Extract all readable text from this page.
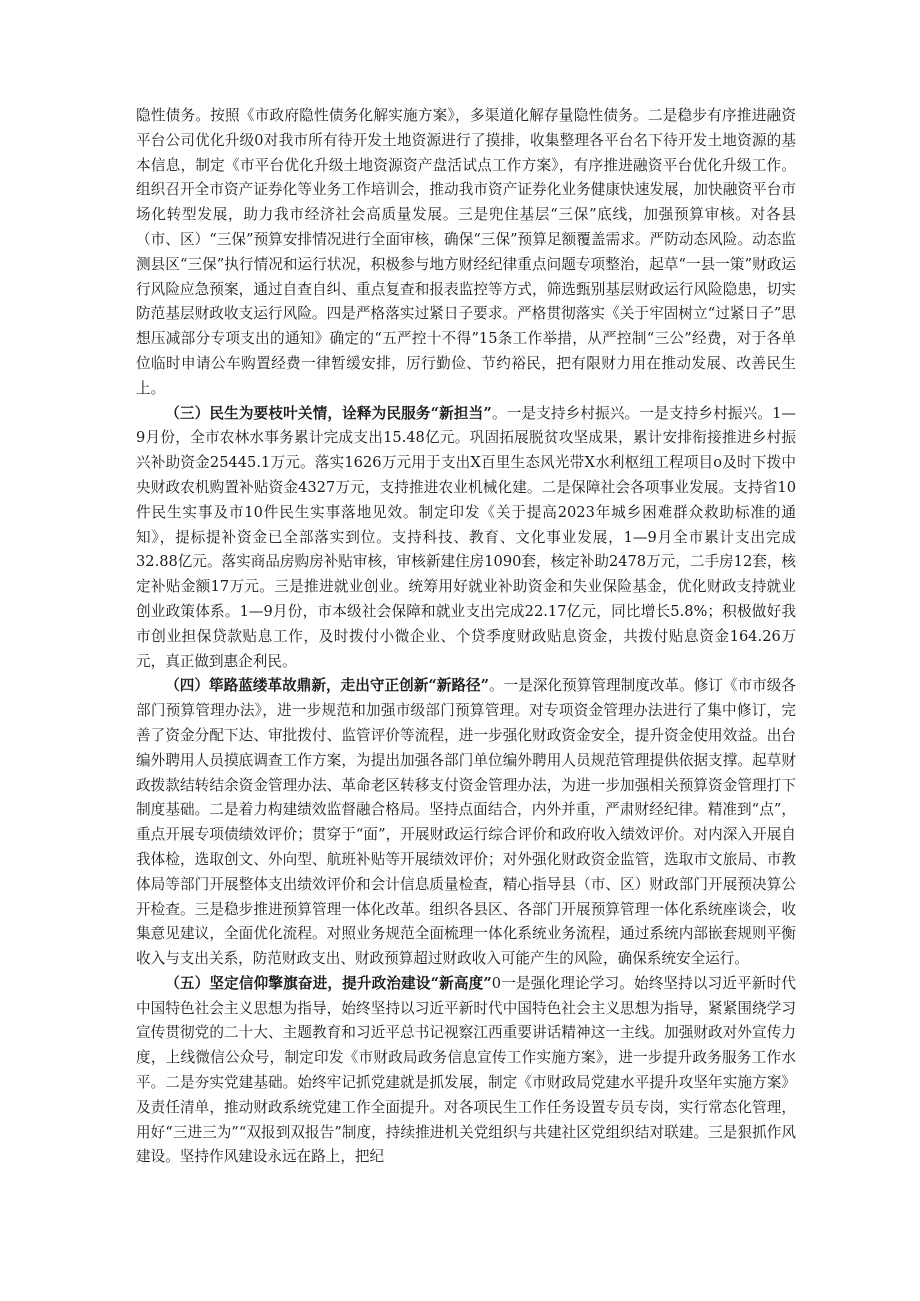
隐性债务。按照《市政府隐性债务化解实施方案》，多渠道化解存量隐性债务。二是稳步有序推进融资平台公司优化升级0对我市所有待开发土地资源进行了摸排，收集整理各平台名下待开发土地资源的基本信息，制定《市平台优化升级土地资源资产盘活试点工作方案》，有序推进融资平台优化升级工作。组织召开全市资产证券化等业务工作培训会，推动我市资产证券化业务健康快速发展，加快融资平台市场化转型发展，助力我市经济社会高质量发展。三是兜住基层“三保”底线，加强预算审核。对各县（市、区）“三保”预算安排情况进行全面审核，确保“三保”预算足额覆盖需求。严防动态风险。动态监测县区“三保”执行情况和运行状况，积极参与地方财经纪律重点问题专项整治，起草“一县一策”财政运行风险应急预案，通过自查自纠、重点复查和报表监控等方式，筛选甄别基层财政运行风险隐患，切实防范基层财政收支运行风险。四是严格落实过紧日子要求。严格贯彻落实《关于牢固树立“过紧日子”思想压减部分专项支出的通知》确定的“五严控十不得”15条工作举措，从严控制“三公”经费，对于各单位临时申请公车购置经费一律暂缓安排，厉行勤俭、节约裕民，把有限财力用在推动发展、改善民生上。

（三）民生为要枝叶关情，诠释为民服务“新担当”。一是支持乡村振兴。一是支持乡村振兴。1—9月份，全市农林水事务累计完成支出15.48亿元。巩固拓展脱贫攻坚成果，累计安排衔接推进乡村振兴补助资金25445.1万元。落实1626万元用于支出X百里生态风光带X水利枢纽工程项目o及时下拨中央财政农机购置补贴资金4327万元，支持推进农业机械化建。二是保障社会各项事业发展。支持省10件民生实事及市10件民生实事落地见效。制定印发《关于提高2023年城乡困难群众救助标准的通知》，提标提补资金已全部落实到位。支持科技、教育、文化事业发展，1—9月全市累计支出完成32.88亿元。落实商品房购房补贴审核，审核新建住房1090套，核定补助2478万元，二手房12套，核定补贴金额17万元。三是推进就业创业。统筹用好就业补助资金和失业保险基金，优化财政支持就业创业政策体系。1—9月份，市本级社会保障和就业支出完成22.17亿元，同比增长5.8%；积极做好我市创业担保贷款贴息工作，及时拨付小微企业、个贷季度财政贴息资金，共拨付贴息资金164.26万元，真正做到惠企利民。

（四）筚路蓝缕革故鼎新，走出守正创新“新路径”。一是深化预算管理制度改革。修订《市市级各部门预算管理办法》，进一步规范和加强市级部门预算管理。对专项资金管理办法进行了集中修订，完善了资金分配下达、审批拨付、监管评价等流程，进一步强化财政资金安全，提升资金使用效益。出台编外聘用人员摸底调查工作方案，为提出加强各部门单位编外聘用人员规范管理提供依据支撑。起草财政拨款结转结余资金管理办法、革命老区转移支付资金管理办法，为进一步加强相关预算资金管理打下制度基础。二是着力构建绩效监督融合格局。坚持点面结合，内外并重，严肃财经纪律。精准到“点”，重点开展专项债绩效评价；贯穿于“面”，开展财政运行综合评价和政府收入绩效评价。对内深入开展自我体检，选取创文、外向型、航班补贴等开展绩效评价；对外强化财政资金监管，选取市文旅局、市教体局等部门开展整体支出绩效评价和会计信息质量检查，精心指导县（市、区）财政部门开展预决算公开检查。三是稳步推进预算管理一体化改革。组织各县区、各部门开展预算管理一体化系统座谈会，收集意见建议，全面优化流程。对照业务规范全面梳理一体化系统业务流程，通过系统内部嵌套规则平衡收入与支出关系，防范财政支出、财政预算超过财政收入可能产生的风险，确保系统安全运行。

（五）坚定信仰擎旗奋进，提升政治建设“新高度”0一是强化理论学习。始终坚持以习近平新时代中国特色社会主义思想为指导，始终坚持以习近平新时代中国特色社会主义思想为指导，紧紧围绕学习宣传贯彻党的二十大、主题教育和习近平总书记视察江西重要讲话精神这一主线。加强财政对外宣传力度，上线微信公众号，制定印发《市财政局政务信息宣传工作实施方案》，进一步提升政务服务工作水平。二是夯实党建基础。始终牢记抓党建就是抓发展，制定《市财政局党建水平提升攻坚年实施方案》及责任清单，推动财政系统党建工作全面提升。对各项民生工作任务设置专员专岗，实行常态化管理，用好“三进三为”“双报到双报告”制度，持续推进机关党组织与共建社区党组织结对联建。三是狠抓作风建设。坚持作风建设永远在路上，把纪
